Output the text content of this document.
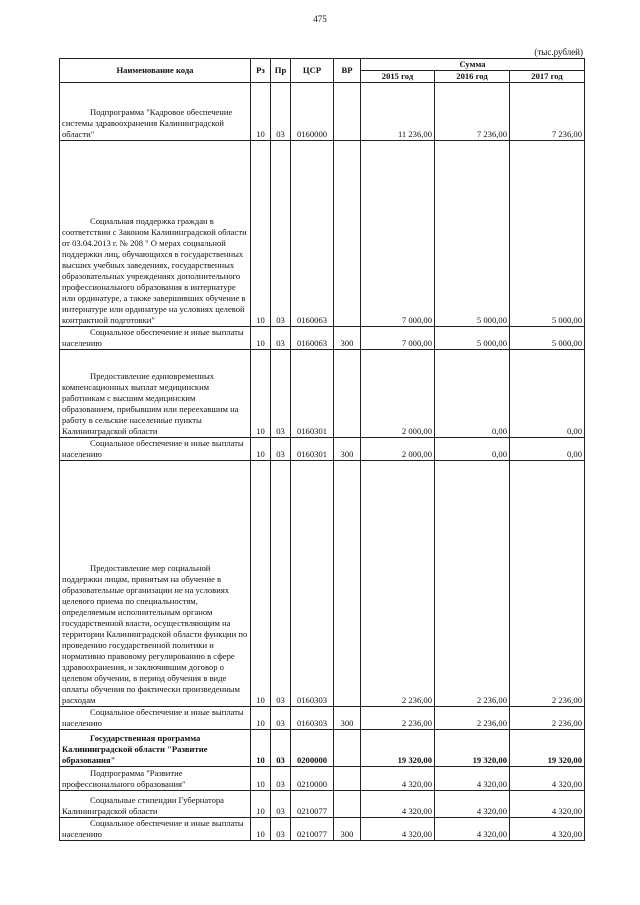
475
(тыс.рублей)
Наименование кода	Рз	Пр	ЦСР	ВР	Сумма		
					2015 год	2016 год	2017 год

Подпрограмма "Кадровое обеспечение системы здравоохранения Калининградской области"	10	03	0160000		11 236,00	7 236,00	7 236,00

Социальная поддержка граждан в соответствии с Законом Калининградской области от 03.04.2013 г. № 208 " О мерах социальной поддержки лиц, обучающихся в государственных высших учебных заведениях, государственных образовательных учреждениях дополнительного профессионального образования в интернатуре или ординатуре, а также завершивших обучение в интернатуре или ординатуре на условиях целевой контрактной подготовки"	10	03	0160063		7 000,00	5 000,00	5 000,00

Социальное обеспечение и иные выплаты населению	10	03	0160063	300	7 000,00	5 000,00	5 000,00

Предоставление единовременных компенсационных выплат медицинским работникам с высшим медицинским образованием, прибывшим или переехавшим на работу в сельские населенные пункты Калининградской области	10	03	0160301		2 000,00	0,00	0,00

Социальное обеспечение и иные выплаты населению	10	03	0160301	300	2 000,00	0,00	0,00

Предоставление мер социальной поддержки лицам, принятым на обучение в образовательные организации не на условиях целевого приема по специальностям, определяемым исполнительным органом государственной власти, осуществляющим на территории Калининградской области функции по проведению государственной политики и нормативно правовому регулированию в сфере здравоохранения, и заключившим договор о целевом обучении, в период обучения в виде оплаты обучения по фактически произведенным расходам	10	03	0160303		2 236,00	2 236,00	2 236,00

Социальное обеспечение и иные выплаты населению	10	03	0160303	300	2 236,00	2 236,00	2 236,00

Государственная программа Калининградской области "Развитие образования"	10	03	0200000		19 320,00	19 320,00	19 320,00

Подпрограмма "Развитие профессионального образования"	10	03	0210000		4 320,00	4 320,00	4 320,00

Социальные стипендии Губернатора Калининградской области	10	03	0210077		4 320,00	4 320,00	4 320,00

Социальное обеспечение и иные выплаты населению	10	03	0210077	300	4 320,00	4 320,00	4 320,00
